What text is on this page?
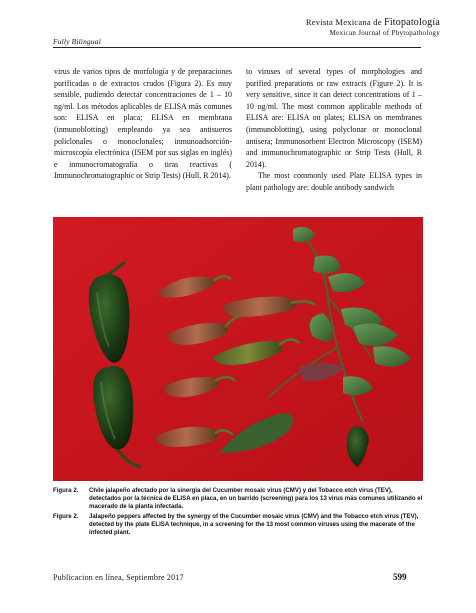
Fully Bilingual
Revista Mexicana de Fitopatología
Mexican Journal of Phytopathology

virus de varios tipos de morfología y de preparaciones purificadas o de extractos crudos (Figura 2). Es muy sensible, pudiendo detectar concentraciones de 1 – 10 ng/ml. Los métodos aplicables de ELISA más comunes son: ELISA en placa; ELISA en membrana (inmunoblotting) empleando ya sea antisueros policlonales o monoclonales; inmunoadsorción-microscopía electrónica (ISEM por sus siglas en inglés) e inmunocromatografía o tiras reactivas ( Immunochromatographic or Strip Tests) (Hull, R 2014).

to viruses of several types of morphologies and purified preparations or raw extracts (Figure 2). It is very sensitive, since it can detect concentrations of 1 – 10 ng/ml. The most common applicable methods of ELISA are: ELISA on plates; ELISA on membranes (immunoblotting), using polyclonar or monoclonal antisera; Immunosorbent Electron Microscopy (ISEM) and immunochromatographic or Strip Tests (Hull, R 2014).

The most commonly used Plate ELISA types in plant pathology are: double antibody sandwich

Figura 2. Chile jalapeño afectado por la sinergia del Cucumber mosaic virus (CMV) y del Tobacco etch virus (TEV), detectados por la técnica de ELISA en placa, en un barrido (screening) para los 13 virus más comunes utilizando el macerado de la planta infectada.
Figure 2. Jalapeño peppers affected by the synergy of the Cucumber mosaic virus (CMV) and the Tobacco etch virus (TEV), detected by the plate ELISA technique, in a screening for the 13 most common viruses using the macerate of the infected plant.
Publicacion en línea, Septiembre 2017	599
